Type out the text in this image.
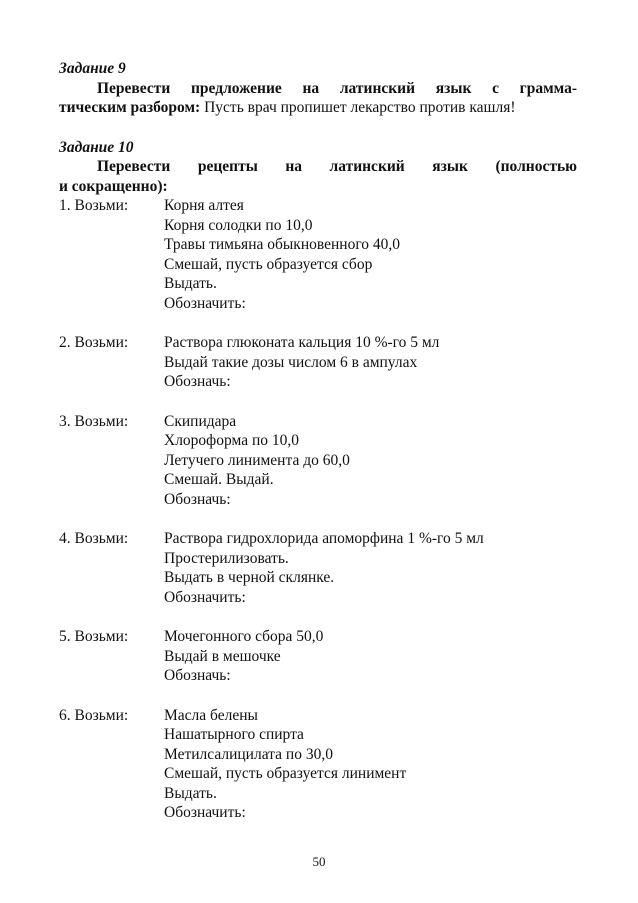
Задание 9

Перевести предложение на латинский язык с грамма-

тическим разбором: Пусть врач пропишет лекарство против кашля!

Задание 10

Перевести рецепты на латинский язык (полностью

и сокращенно):

1. Возьми:	Корня алтея
Корня солодки по 10,0
Травы тимьяна обыкновенного 40,0
Смешай, пусть образуется сбор
Выдать.
Обозначить:
2. Возьми:	Раствора глюконата кальция 10 %-го 5 мл
Выдай такие дозы числом 6 в ампулах
Обозначь:
3. Возьми:	Скипидара
Хлороформа по 10,0
Летучего линимента до 60,0
Смешай. Выдай.
Обозначь:
4. Возьми:	Раствора гидрохлорида апоморфина 1 %-го 5 мл
Простерилизовать.
Выдать в черной склянке.
Обозначить:
5. Возьми:	Мочегонного сбора 50,0
Выдай в мешочке
Обозначь:
6. Возьми:	Масла белены
Нашатырного спирта
Метилсалицилата по 30,0
Смешай, пусть образуется линимент
Выдать.
Обозначить:
50
